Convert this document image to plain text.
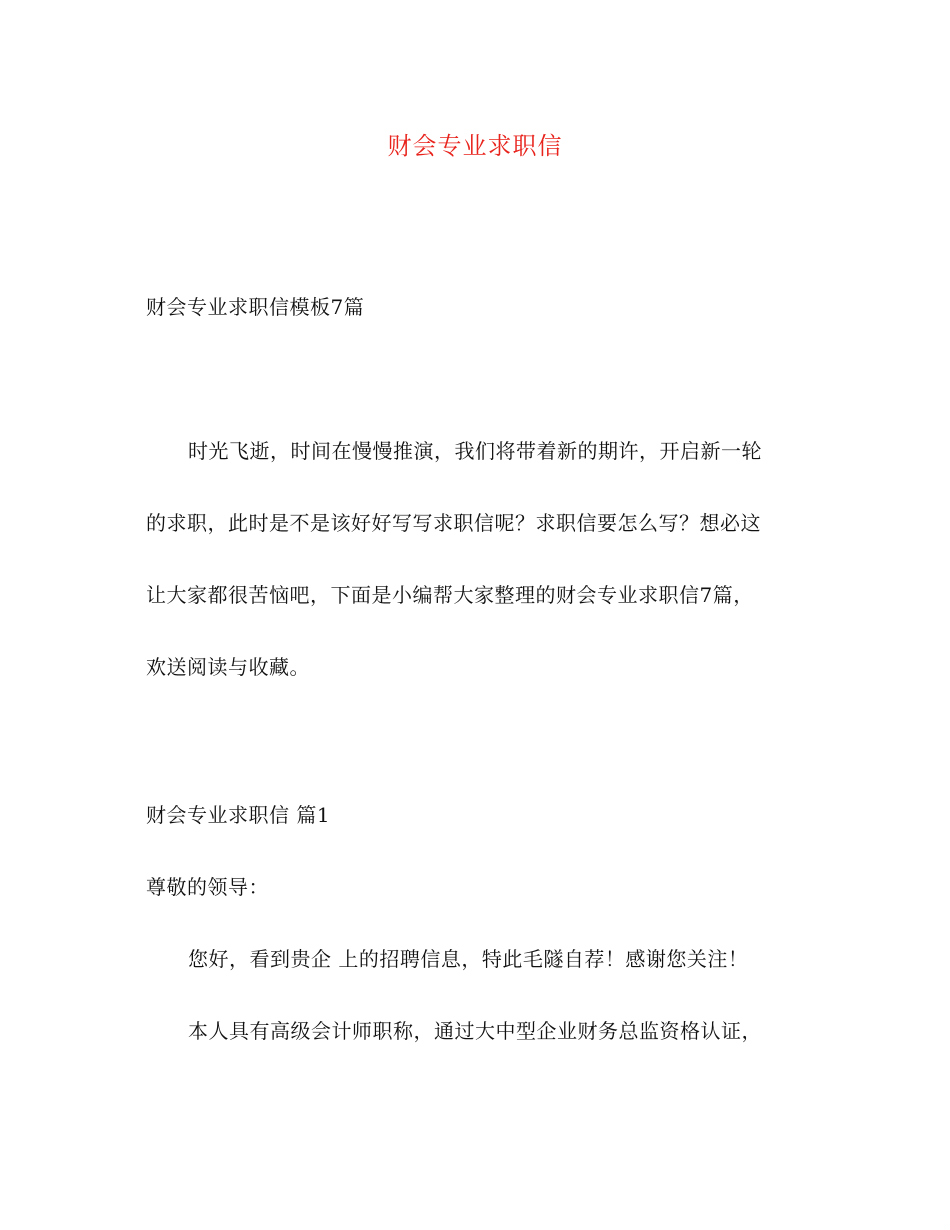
财会专业求职信
财会专业求职信模板7篇
时光飞逝，时间在慢慢推演，我们将带着新的期许，开启新一轮
的求职，此时是不是该好好写写求职信呢？求职信要怎么写？想必这
让大家都很苦恼吧，下面是小编帮大家整理的财会专业求职信7篇，
欢送阅读与收藏。
财会专业求职信 篇1
尊敬的领导：
您好，看到贵企 上的招聘信息，特此毛隧自荐！感谢您关注！
本人具有高级会计师职称，通过大中型企业财务总监资格认证，
